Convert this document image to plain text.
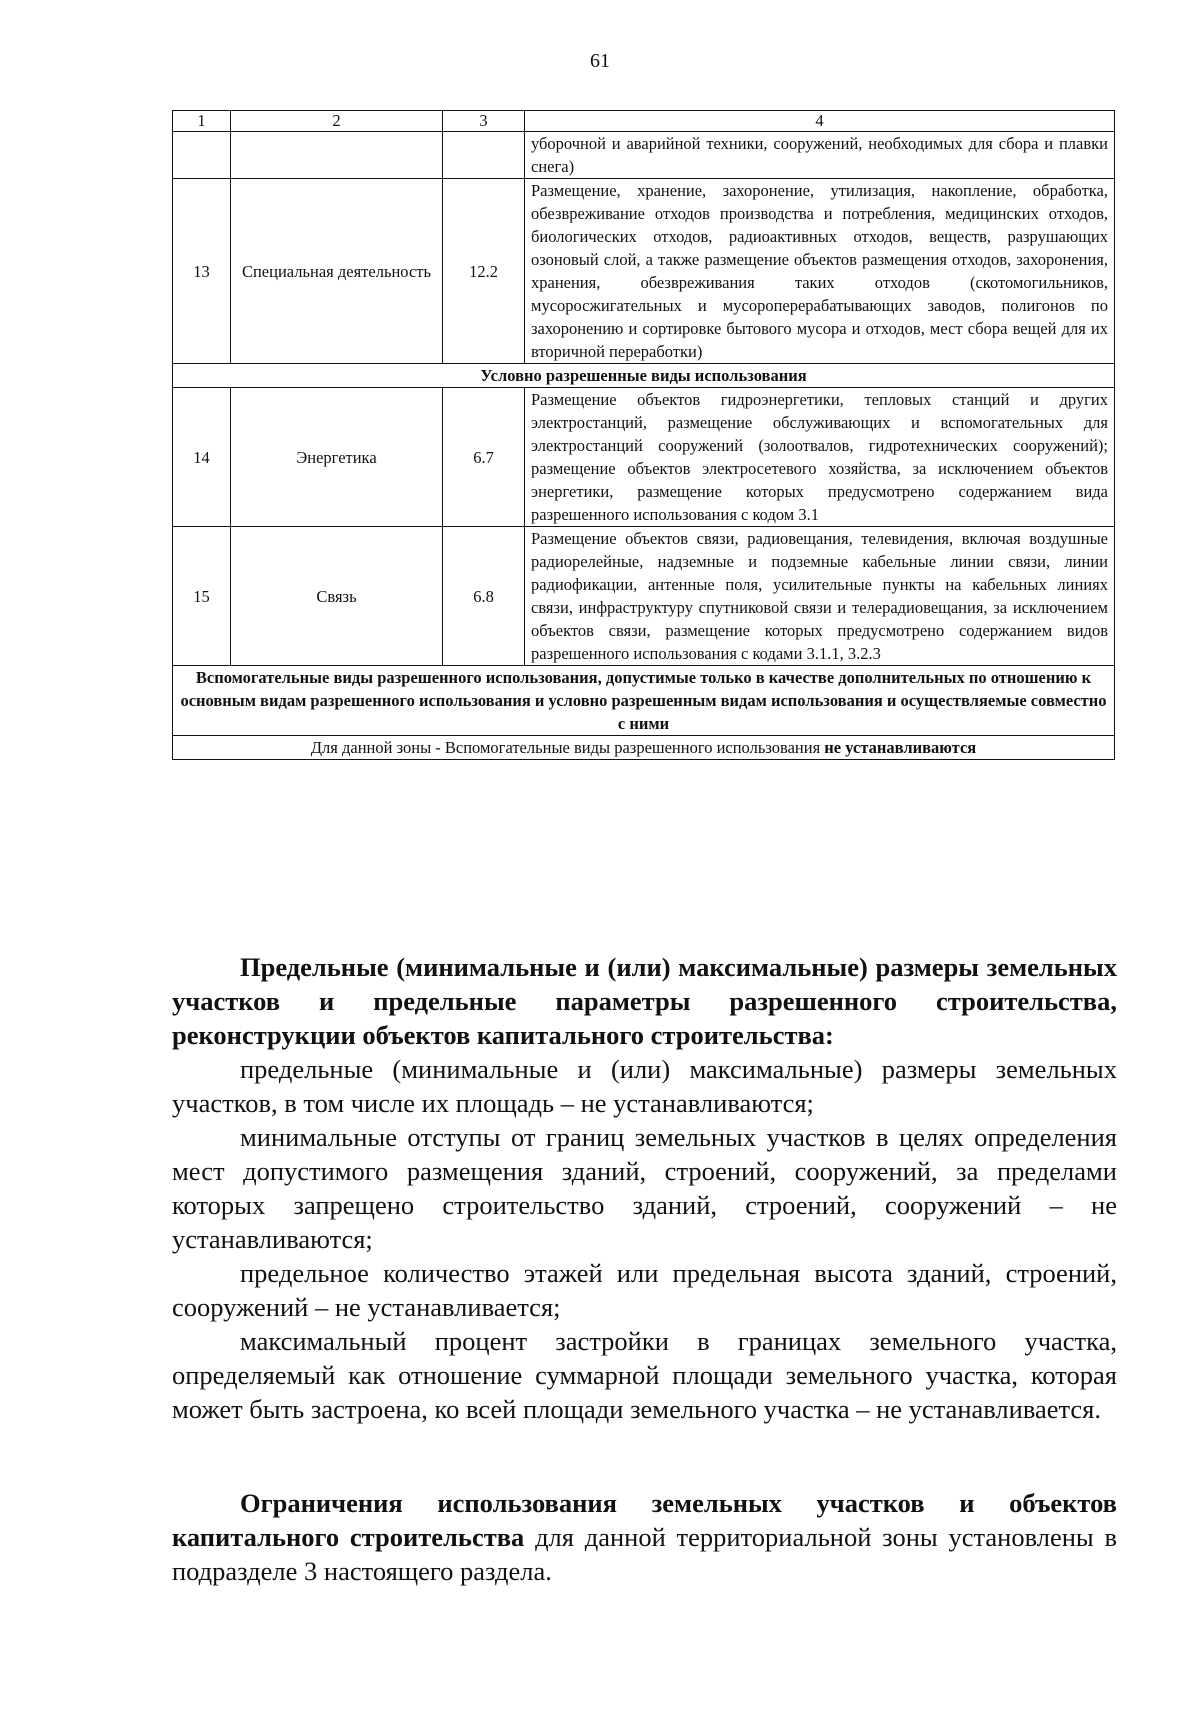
61
1	2	3	4
			уборочной и аварийной техники, сооружений, необходимых для сбора и плавки снега)
13	Специальная деятельность	12.2	Размещение, хранение, захоронение, утилизация, накопление, обработка, обезвреживание отходов производства и потребления, медицинских отходов, биологических отходов, радиоактивных отходов, веществ, разрушающих озоновый слой, а также размещение объектов размещения отходов, захоронения, хранения, обезвреживания таких отходов (скотомогильников, мусоросжигательных и мусороперерабатывающих заводов, полигонов по захоронению и сортировке бытового мусора и отходов, мест сбора вещей для их вторичной переработки)
Условно разрешенные виды использования			
14	Энергетика	6.7	Размещение объектов гидроэнергетики, тепловых станций и других электростанций, размещение обслуживающих и вспомогательных для электростанций сооружений (золоотвалов, гидротехнических сооружений); размещение объектов электросетевого хозяйства, за исключением объектов энергетики, размещение которых предусмотрено содержанием вида разрешенного использования с кодом 3.1
15	Связь	6.8	Размещение объектов связи, радиовещания, телевидения, включая воздушные радиорелейные, надземные и подземные кабельные линии связи, линии радиофикации, антенные поля, усилительные пункты на кабельных линиях связи, инфраструктуру спутниковой связи и телерадиовещания, за исключением объектов связи, размещение которых предусмотрено содержанием видов разрешенного использования с кодами 3.1.1, 3.2.3
Вспомогательные виды разрешенного использования, допустимые только в качестве дополнительных по отношению к основным видам разрешенного использования и условно разрешенным видам использования и осуществляемые совместно с ними			
Для данной зоны - Вспомогательные виды разрешенного использования не устанавливаются			

Предельные (минимальные и (или) максимальные) размеры земельных участков и предельные параметры разрешенного строительства, реконструкции объектов капитального строительства:

предельные (минимальные и (или) максимальные) размеры земельных участков, в том числе их площадь – не устанавливаются;

минимальные отступы от границ земельных участков в целях определения мест допустимого размещения зданий, строений, сооружений, за пределами которых запрещено строительство зданий, строений, сооружений – не устанавливаются;

предельное количество этажей или предельная высота зданий, строений, сооружений – не устанавливается;

максимальный процент застройки в границах земельного участка, определяемый как отношение суммарной площади земельного участка, которая может быть застроена, ко всей площади земельного участка – не устанавливается.

Ограничения использования земельных участков и объектов капитального строительства для данной территориальной зоны установлены в подразделе 3 настоящего раздела.
